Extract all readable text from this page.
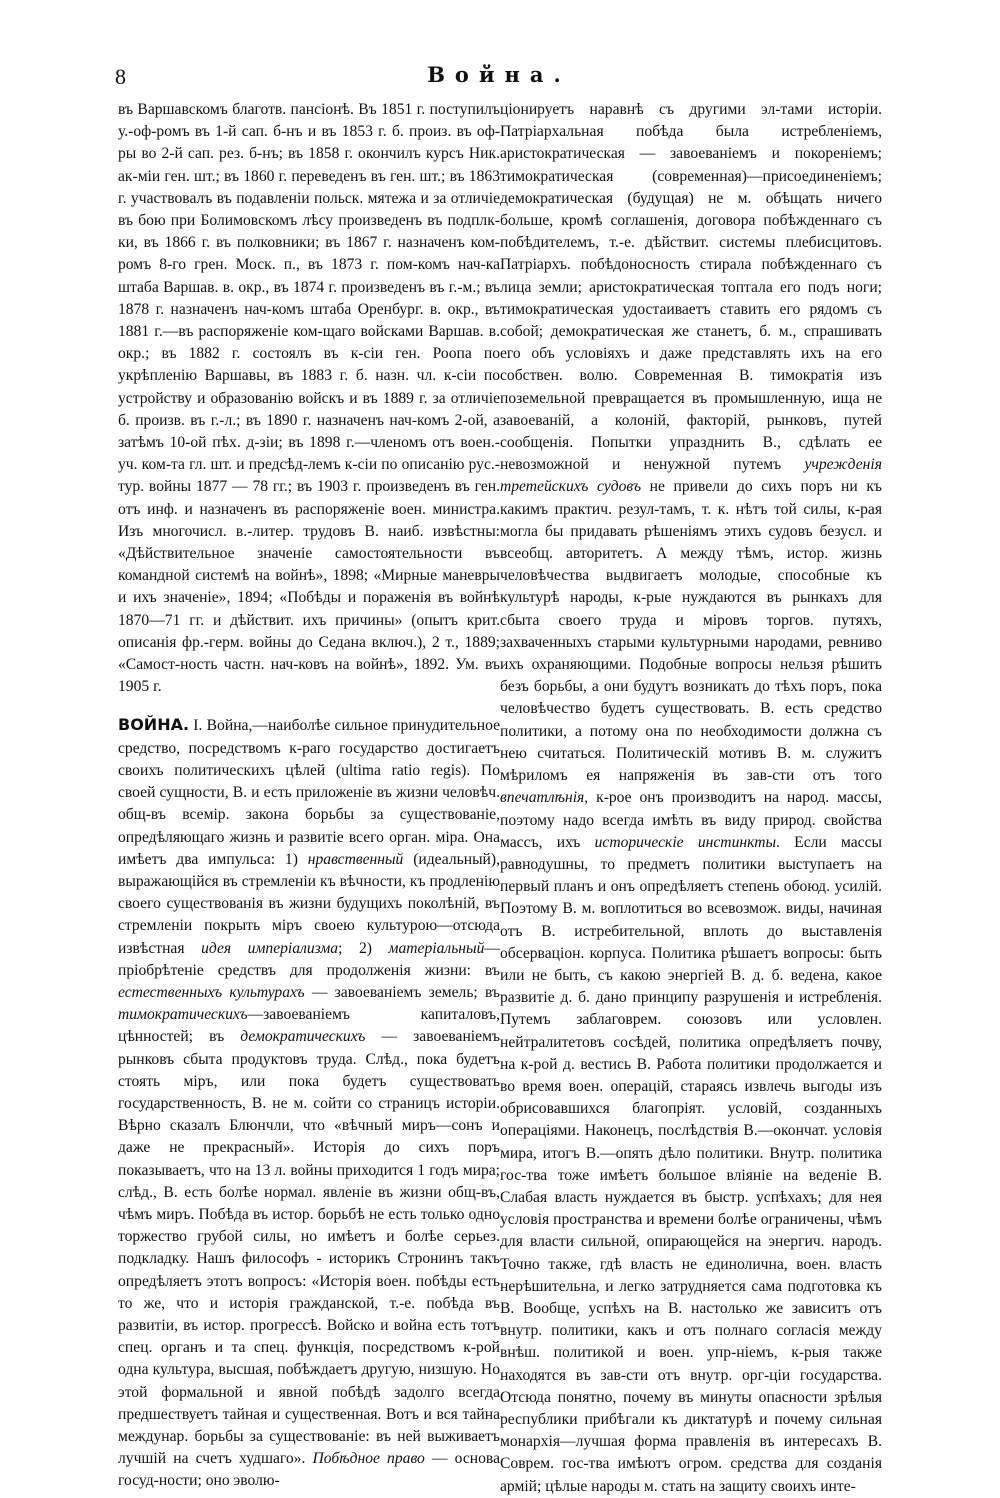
8	Война.

въ Варшавскомъ благотв. пансіонѣ. Въ 1851 г. поступилъ у.-оф-ромъ въ 1-й сап. б-нъ и въ 1853 г. б. произ. въ оф-ры во 2-й сап. рез. б-нъ; въ 1858 г. окончилъ курсъ Ник. ак-міи ген. шт.; въ 1860 г. переведенъ въ ген. шт.; въ 1863 г. участвовалъ въ подавленіи польск. мятежа и за отличіе въ бою при Болимовскомъ лѣсу произведенъ въ подплк-ки, въ 1866 г. въ полковники; въ 1867 г. назначенъ ком-ромъ 8-го грен. Моск. п., въ 1873 г. пом-комъ нач-ка штаба Варшав. в. окр., въ 1874 г. произведенъ въ г.-м.; въ 1878 г. назначенъ нач-комъ штаба Оренбург. в. окр., въ 1881 г.—въ распоряженіе ком-щаго войсками Варшав. в. окр.; въ 1882 г. состоялъ въ к-сіи ген. Роопа по укрѣпленію Варшавы, въ 1883 г. б. назн. чл. к-сіи по устройству и образованію войскъ и въ 1889 г. за отличіе б. произв. въ г.-л.; въ 1890 г. назначенъ нач-комъ 2-ой, а затѣмъ 10-ой пѣх. д-зіи; въ 1898 г.—членомъ отъ воен.-уч. ком-та гл. шт. и предсѣд-лемъ к-сіи по описанію рус.-тур. войны 1877 — 78 гг.; въ 1903 г. произведенъ въ ген. отъ инф. и назначенъ въ распоряженіе воен. министра. Изъ многочисл. в.-литер. трудовъ В. наиб. извѣстны: «Дѣйствительное значеніе самостоятельности въ командной системѣ на войнѣ», 1898; «Мирные маневры и ихъ значеніе», 1894; «Побѣды и пораженія въ войнѣ 1870—71 гг. и дѣйствит. ихъ причины» (опытъ крит. описанія фр.-герм. войны до Седана включ.), 2 т., 1889; «Самост-ность частн. нач-ковъ на войнѣ», 1892. Ум. въ 1905 г.

ВОЙНА. I. Война,—наиболѣе сильное принудительное средство, посредствомъ к-раго государство достигаетъ своихъ политическихъ цѣлей (ultima ratio regis). По своей сущности, В. и есть приложеніе въ жизни человѣч. общ-въ всемір. закона борьбы за существованіе, опредѣляющаго жизнь и развитіе всего орган. міра. Она имѣетъ два импульса: 1) нравственный (идеальный), выражающійся въ стремленіи къ вѣчности, къ продленію своего существованія въ жизни будущихъ поколѣній, въ стремленіи покрыть міръ своею культурою—отсюда извѣстная идея имперіализма; 2) матеріальный—пріобрѣтеніе средствъ для продолженія жизни: въ естественныхъ культурахъ — завоеваніемъ земель; въ тимократическихъ—завоеваніемъ капиталовъ, цѣнностей; въ демократическихъ — завоеваніемъ рынковъ сбыта продуктовъ труда. Слѣд., пока будетъ стоять міръ, или пока будетъ существовать государственность, В. не м. сойти со страницъ исторіи. Вѣрно сказалъ Блюнчли, что «вѣчный миръ—сонъ и даже не прекрасный». Исторія до сихъ поръ показываетъ, что на 13 л. войны приходится 1 годъ мира; слѣд., В. есть болѣе нормал. явленіе въ жизни общ-въ, чѣмъ миръ. Побѣда въ истор. борьбѣ не есть только одно торжество грубой силы, но имѣетъ и болѣе серьез. подкладку. Нашъ философъ - историкъ Стронинъ такъ опредѣляетъ этотъ вопросъ: «Исторія воен. побѣды есть то же, что и исторія гражданской, т.-е. побѣда въ развитіи, въ истор. прогрессѣ. Войско и война есть тотъ спец. органъ и та спец. функція, посредствомъ к-рой одна культура, высшая, побѣждаетъ другую, низшую. Но этой формальной и явной побѣдѣ задолго всегда предшествуетъ тайная и существенная. Вотъ и вся тайна междунар. борьбы за существованіе: въ ней выживаетъ лучшій на счетъ худшаго». Побѣдное право — основа госуд-ности; оно эволю-

ціонируетъ наравнѣ съ другими эл-тами исторіи. Патріархальная побѣда была истребленіемъ, аристократическая — завоеваніемъ и покореніемъ; тимократическая (современная)—присоединеніемъ; демократическая (будущая) не м. обѣщать ничего больше, кромѣ соглашенія, договора побѣжденнаго съ побѣдителемъ, т.-е. дѣйствит. системы плебисцитовъ. Патріархъ. побѣдоносность стирала побѣжденнаго съ лица земли; аристократическая топтала его подъ ноги; тимократическая удостаиваетъ ставить его рядомъ съ собой; демократическая же станетъ, б. м., спрашивать его объ условіяхъ и даже представлять ихъ на его собствен. волю. Современная В. тимократія изъ поземельной превращается въ промышленную, ища не завоеваній, а колоній, факторій, рынковъ, путей сообщенія. Попытки упразднить В., сдѣлать ее невозможной и ненужной путемъ учрежденія третейскихъ судовъ не привели до сихъ поръ ни къ какимъ практич. резул-тамъ, т. к. нѣтъ той силы, к-рая могла бы придавать рѣшеніямъ этихъ судовъ безусл. и всеобщ. авторитетъ. А между тѣмъ, истор. жизнь человѣчества выдвигаетъ молодые, способные къ культурѣ народы, к-рые нуждаются въ рынкахъ для сбыта своего труда и міровъ торгов. путяхъ, захваченныхъ старыми культурными народами, ревниво ихъ охраняющими. Подобные вопросы нельзя рѣшить безъ борьбы, а они будутъ возникать до тѣхъ поръ, пока человѣчество будетъ существовать. В. есть средство политики, а потому она по необходимости должна съ нею считаться. Политическій мотивъ В. м. служитъ мѣриломъ ея напряженія въ зав-сти отъ того впечатлѣнія, к-рое онъ производитъ на народ. массы, поэтому надо всегда имѣть въ виду природ. свойства массъ, ихъ историческіе инстинкты. Если массы равнодушны, то предметъ политики выступаетъ на первый планъ и онъ опредѣляетъ степень обоюд. усилій. Поэтому В. м. воплотиться во всевозмож. виды, начиная отъ В. истребительной, вплоть до выставленія обсервацiон. корпуса. Политика рѣшаетъ вопросы: быть или не быть, съ какою энергіей В. д. б. ведена, какое развитіе д. б. дано принципу разрушенія и истребленія. Путемъ заблаговрем. союзовъ или условлен. нейтралитетовъ сосѣдей, политика опредѣляетъ почву, на к-рой д. вестись В. Работа политики продолжается и во время воен. операцій, стараясь извлечь выгоды изъ обрисовавшихся благопріят. условій, созданныхъ операціями. Наконецъ, послѣдствія В.—окончат. условія мира, итогъ В.—опять дѣло политики. Внутр. политика гос-тва тоже имѣетъ большое вліяніе на веденіе В. Слабая власть нуждается въ быстр. успѣхахъ; для нея условія пространства и времени болѣе ограничены, чѣмъ для власти сильной, опирающейся на энергич. народъ. Точно также, гдѣ власть не единолична, воен. власть нерѣшительна, и легко затрудняется сама подготовка къ В. Вообще, успѣхъ на В. настолько же зависитъ отъ внутр. политики, какъ и отъ полнаго согласія между внѣш. политикой и воен. упр-ніемъ, к-рыя также находятся въ зав-сти отъ внутр. орг-ціи государства. Отсюда понятно, почему въ минуты опасности зрѣлыя республики прибѣгали къ диктатурѣ и почему сильная монархія—лучшая форма правленія въ интересахъ В. Соврем. гос-тва имѣютъ огром. средства для созданія армій; цѣлые народы м. стать на защиту своихъ инте-
